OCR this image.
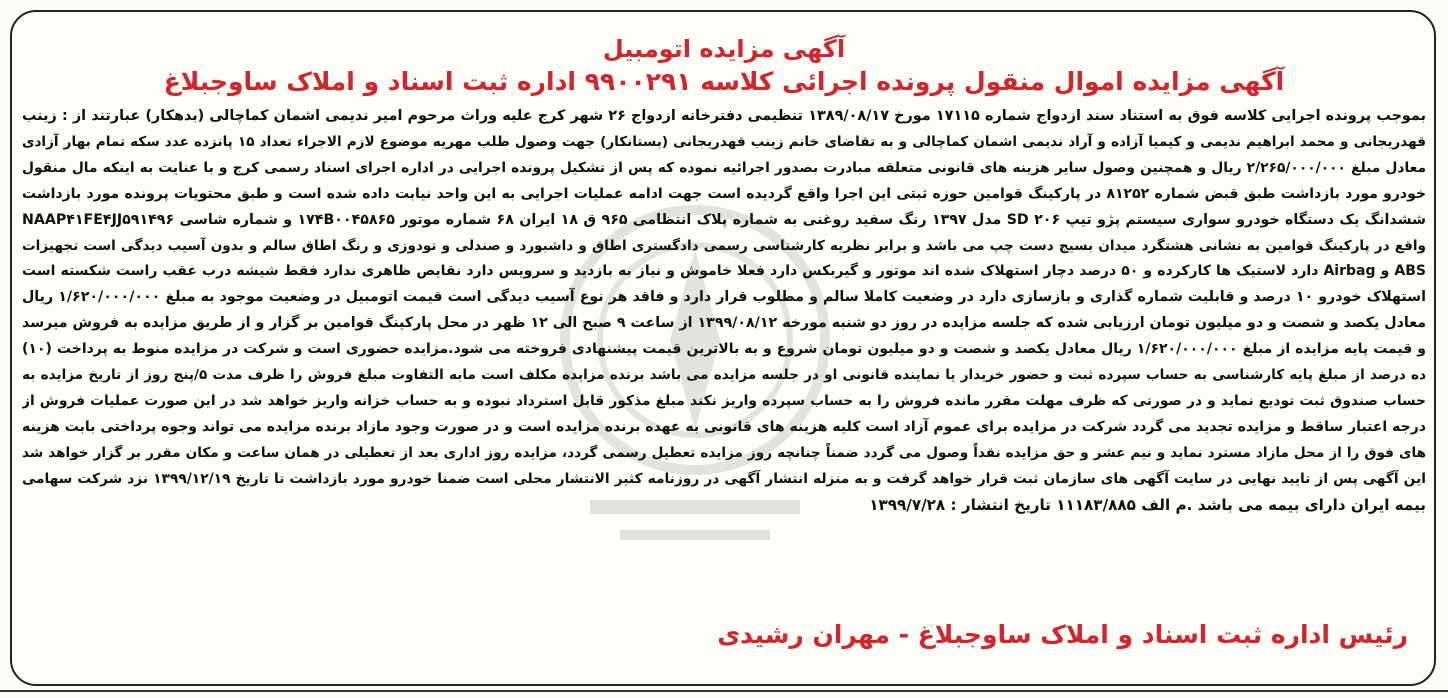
آگهی مزایده اتومبیل
آگهی مزایده اموال منقول پرونده اجرائی کلاسه ۹۹۰۰۲۹۱ اداره ثبت اسناد و املاک ساوجبلاغ
بموجب پرونده اجرایی کلاسه فوق به استناد سند ازدواج شماره ۱۷۱۱۵ مورخ ۱۳۸۹/۰۸/۱۷ تنظیمی دفترخانه ازدواج ۲۶ شهر کرج علیه وراث مرحوم امیر ندیمی اشمان کماچالی (بدهکار) عبارتند از : زینب
قهدریجانی و محمد ابراهیم ندیمی و کیمیا آزاده و آراد ندیمی اشمان کماچالی و به تقاضای خانم زینب قهدریجانی (بستانکار) جهت وصول طلب مهریه موضوع لازم الاجراء تعداد ۱۵ پانزده عدد سکه تمام بهار آزادی
معادل مبلغ ۲/۲۶۵/۰۰۰/۰۰۰ ریال و همچنین وصول سایر هزینه های قانونی متعلقه مبادرت بصدور اجرائیه نموده که پس از تشکیل پرونده اجرایی در اداره اجرای اسناد رسمی کرج و با عنایت به اینکه مال منقول
خودرو مورد بازداشت طبق قبض شماره ۸۱۲۵۲ در پارکینگ قوامین حوزه ثبتی این اجرا واقع گردیده است جهت ادامه عملیات اجرایی به این واحد نیابت داده شده است و طبق محتویات پرونده مورد بازداشت
ششدانگ یک دستگاه خودرو سواری سیستم پژو تیپ ۲۰۶ SD مدل ۱۳۹۷ رنگ سفید روغنی به شماره پلاک انتظامی ۹۶۵ ق ۱۸ ایران ۶۸ شماره موتور ۱۷۴B۰۰۴۵۸۶۵ و شماره شاسی NAAP۴۱FE۴JJ۵۹۱۴۹۶
واقع در پارکینگ قوامین به نشانی هشتگرد میدان بسیج دست چپ می باشد و برابر نظریه کارشناسی رسمی دادگستری اطاق و داشبورد و صندلی و تودوزی و رنگ اطاق سالم و بدون آسیب دیدگی است تجهیزات
ABS و Airbag دارد لاستیک ها کارکرده و ۵۰ درصد دچار استهلاک شده اند موتور و گیربکس دارد فعلا خاموش و نیاز به بازدید و سرویس دارد نقایص ظاهری ندارد فقط شیشه درب عقب راست شکسته است
استهلاک خودرو ۱۰ درصد و قابلیت شماره گذاری و بازسازی دارد در وضعیت کاملا سالم و مطلوب قرار دارد و فاقد هر نوع آسیب دیدگی است قیمت اتومبیل در وضعیت موجود به مبلغ ۱/۶۲۰/۰۰۰/۰۰۰ ریال
معادل یکصد و شصت و دو میلیون تومان ارزیابی شده که جلسه مزایده در روز دو شنبه مورخه ۱۳۹۹/۰۸/۱۲ از ساعت ۹ صبح الی ۱۲ ظهر در محل پارکینگ قوامین بر گزار و از طریق مزایده به فروش میرسد
و قیمت پایه مزایده از مبلغ ۱/۶۲۰/۰۰۰/۰۰۰ ریال معادل یکصد و شصت و دو میلیون تومان شروع و به بالاترین قیمت پیشنهادی فروخته می شود.مزایده حضوری است و شرکت در مزایده منوط به پرداخت (۱۰)
ده درصد از مبلغ پایه کارشناسی به حساب سپرده ثبت و حضور خریدار یا نماینده قانونی او در جلسه مزایده می باشد برنده مزایده مکلف است مابه التفاوت مبلغ فروش را ظرف مدت ۵/پنج روز از تاریخ مزایده به
حساب صندوق ثبت تودیع نماید و در صورتی که ظرف مهلت مقرر مانده فروش را به حساب سپرده واریز نکند مبلغ مذکور قابل استرداد نبوده و به حساب خزانه واریز خواهد شد در این صورت عملیات فروش از
درجه اعتبار ساقط و مزایده تجدید می گردد شرکت در مزایده برای عموم آزاد است کلیه هزینه های قانونی به عهده برنده مزایده است و در صورت وجود مازاد برنده مزایده می تواند وجوه پرداختی بابت هزینه
های فوق را از محل مازاد مسترد نماید و نیم عشر و حق مزایده نقداً وصول می گردد ضمناً چنانچه روز مزایده تعطیل رسمی گردد، مزایده روز اداری بعد از تعطیلی در همان ساعت و مکان مقرر بر گزار خواهد شد
این آگهی پس از تایید نهایی در سایت آگهی های سازمان ثبت قرار خواهد گرفت و به منزله انتشار آگهی در روزنامه کثیر الانتشار محلی است ضمنا خودرو مورد بازداشت تا تاریخ ۱۳۹۹/۱۲/۱۹ نزد شرکت سهامی
بیمه ایران دارای بیمه می باشد .م الف ۱۱۱۸۳/۸۸۵ تاریخ انتشار : ۱۳۹۹/۷/۲۸
رئیس اداره ثبت اسناد و املاک ساوجبلاغ - مهران رشیدی
